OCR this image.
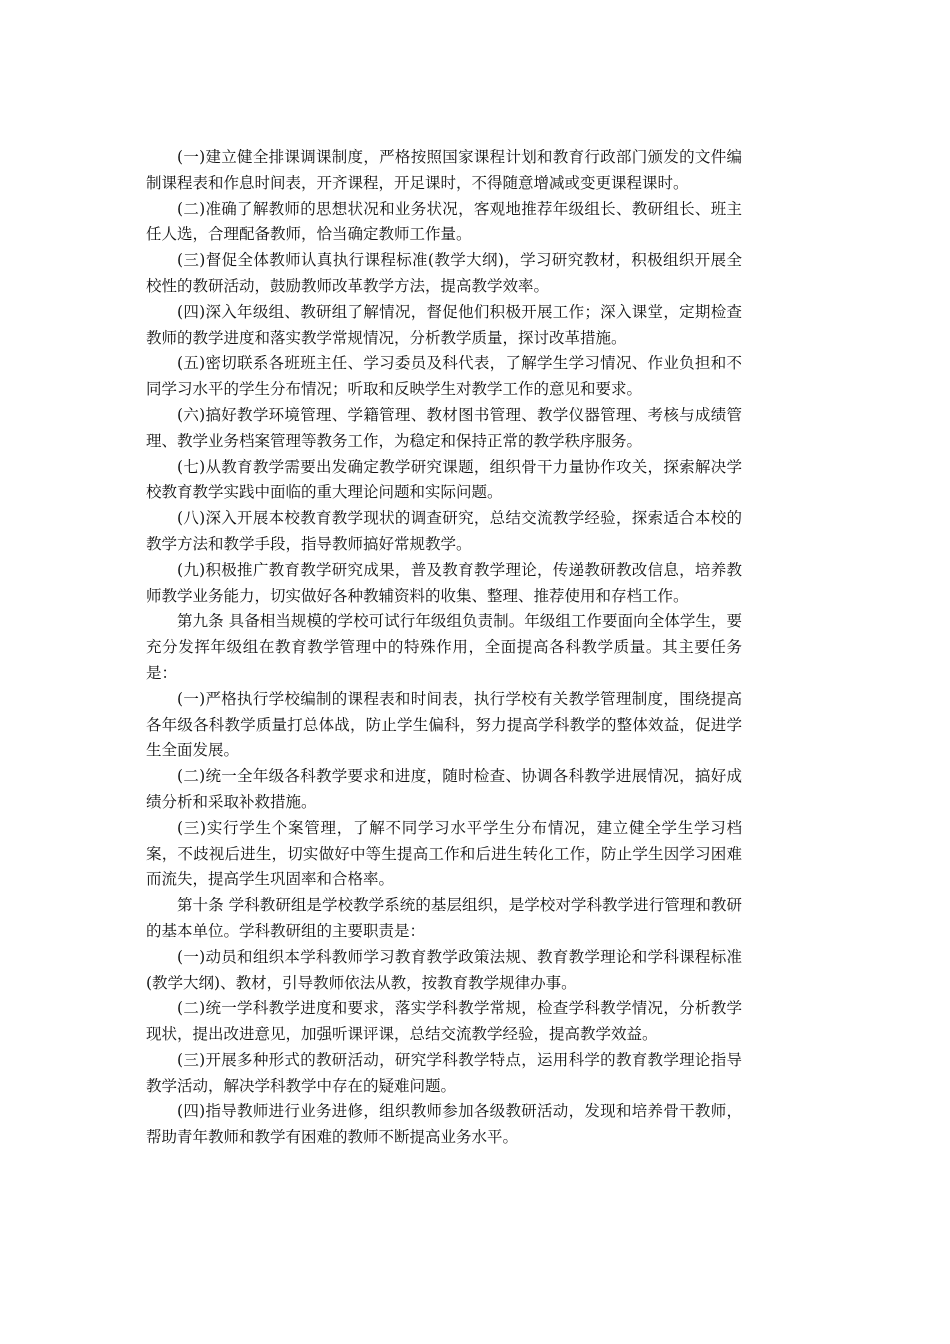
(一)建立健全排课调课制度，严格按照国家课程计划和教育行政部门颁发的文件编制课程表和作息时间表，开齐课程，开足课时，不得随意增减或变更课程课时。

(二)准确了解教师的思想状况和业务状况，客观地推荐年级组长、教研组长、班主任人选，合理配备教师，恰当确定教师工作量。

(三)督促全体教师认真执行课程标准(教学大纲)，学习研究教材，积极组织开展全校性的教研活动，鼓励教师改革教学方法，提高教学效率。

(四)深入年级组、教研组了解情况，督促他们积极开展工作；深入课堂，定期检查教师的教学进度和落实教学常规情况，分析教学质量，探讨改革措施。

(五)密切联系各班班主任、学习委员及科代表，了解学生学习情况、作业负担和不同学习水平的学生分布情况；听取和反映学生对教学工作的意见和要求。

(六)搞好教学环境管理、学籍管理、教材图书管理、教学仪器管理、考核与成绩管理、教学业务档案管理等教务工作，为稳定和保持正常的教学秩序服务。

(七)从教育教学需要出发确定教学研究课题，组织骨干力量协作攻关，探索解决学校教育教学实践中面临的重大理论问题和实际问题。

(八)深入开展本校教育教学现状的调查研究，总结交流教学经验，探索适合本校的教学方法和教学手段，指导教师搞好常规教学。

(九)积极推广教育教学研究成果，普及教育教学理论，传递教研教改信息，培养教师教学业务能力，切实做好各种教辅资料的收集、整理、推荐使用和存档工作。

第九条 具备相当规模的学校可试行年级组负责制。年级组工作要面向全体学生，要充分发挥年级组在教育教学管理中的特殊作用，全面提高各科教学质量。其主要任务是：

(一)严格执行学校编制的课程表和时间表，执行学校有关教学管理制度，围绕提高各年级各科教学质量打总体战，防止学生偏科，努力提高学科教学的整体效益，促进学生全面发展。

(二)统一全年级各科教学要求和进度，随时检查、协调各科教学进展情况，搞好成绩分析和采取补救措施。

(三)实行学生个案管理，了解不同学习水平学生分布情况，建立健全学生学习档案，不歧视后进生，切实做好中等生提高工作和后进生转化工作，防止学生因学习困难而流失，提高学生巩固率和合格率。

第十条 学科教研组是学校教学系统的基层组织，是学校对学科教学进行管理和教研的基本单位。学科教研组的主要职责是：

(一)动员和组织本学科教师学习教育教学政策法规、教育教学理论和学科课程标准(教学大纲)、教材，引导教师依法从教，按教育教学规律办事。

(二)统一学科教学进度和要求，落实学科教学常规，检查学科教学情况，分析教学现状，提出改进意见，加强听课评课，总结交流教学经验，提高教学效益。

(三)开展多种形式的教研活动，研究学科教学特点，运用科学的教育教学理论指导教学活动，解决学科教学中存在的疑难问题。

(四)指导教师进行业务进修，组织教师参加各级教研活动，发现和培养骨干教师，帮助青年教师和教学有困难的教师不断提高业务水平。
